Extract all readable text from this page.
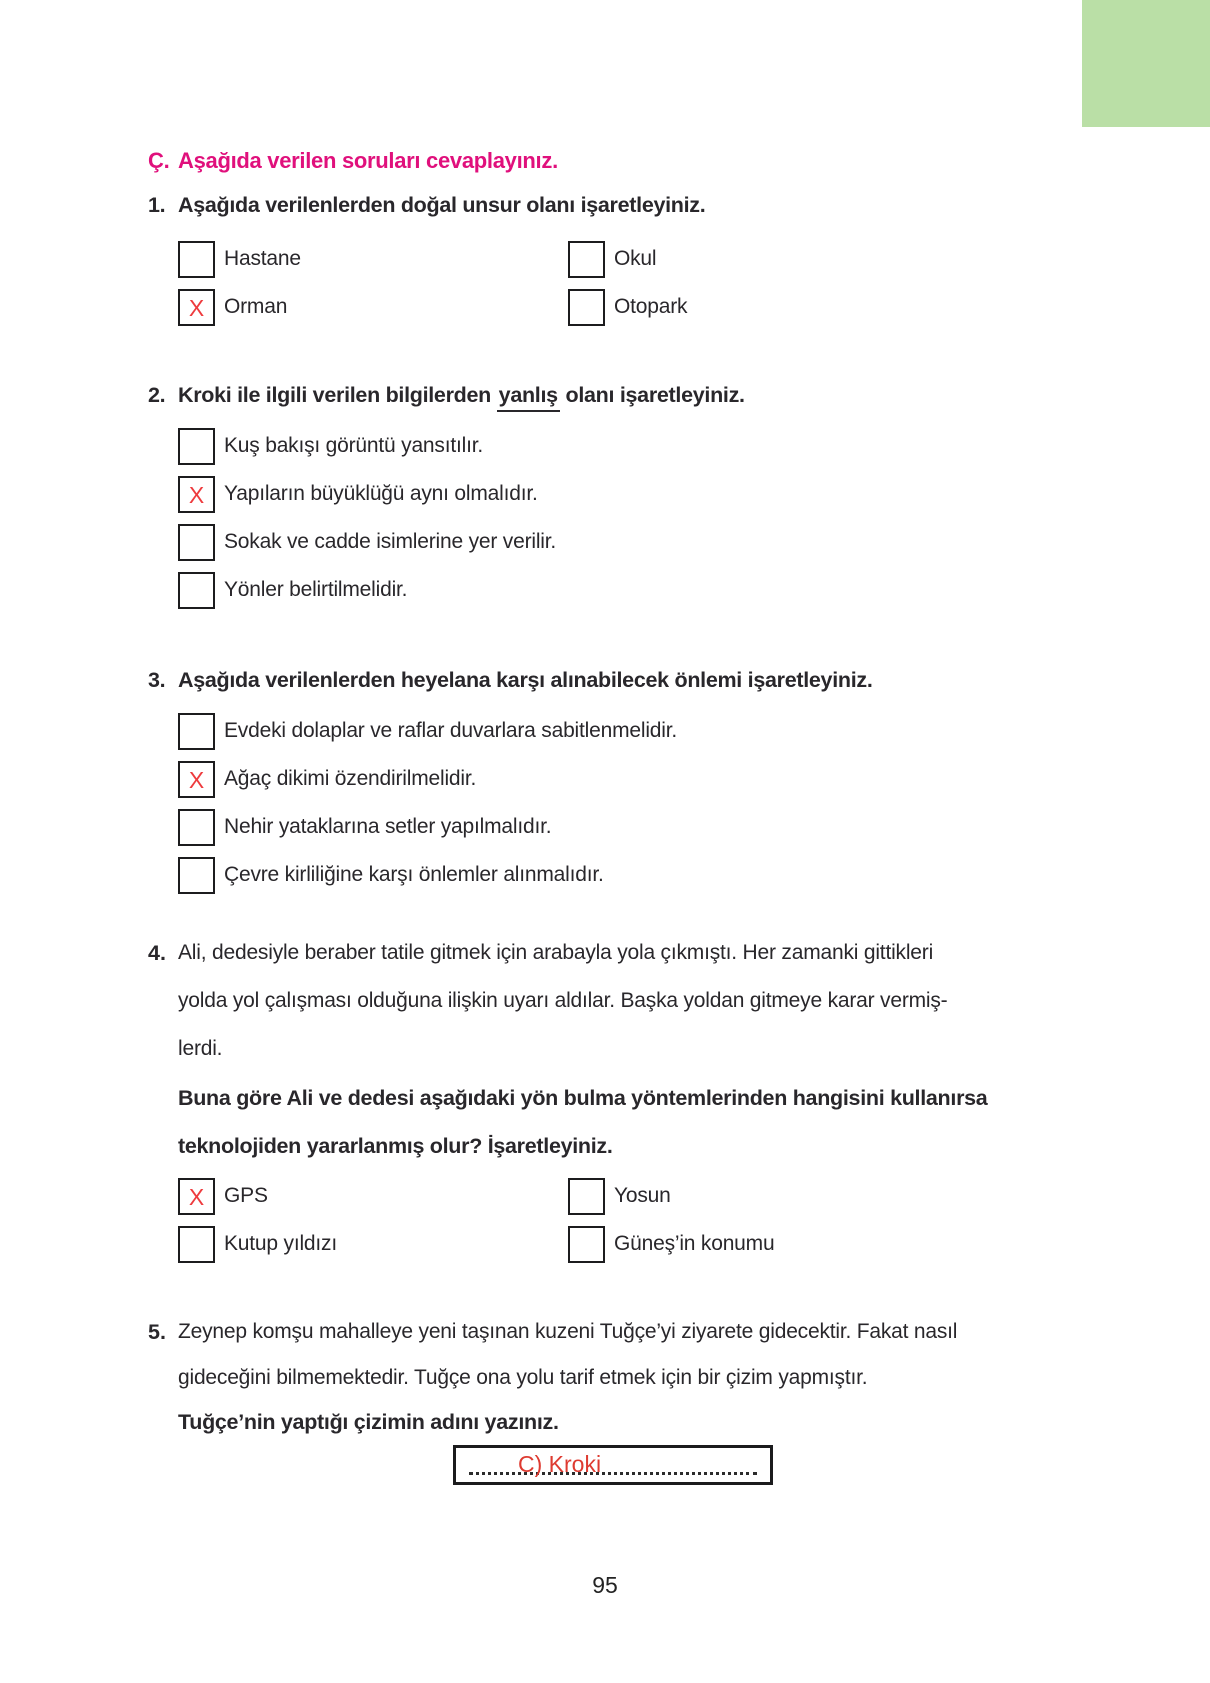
Ç. Aşağıda verilen soruları cevaplayınız.
1. Aşağıda verilenlerden doğal unsur olanı işaretleyiniz.
Hastane
X Orman
Okul
Otopark
2. Kroki ile ilgili verilen bilgilerden yanlış olanı işaretleyiniz.
Kuş bakışı görüntü yansıtılır.
X Yapıların büyüklüğü aynı olmalıdır.
Sokak ve cadde isimlerine yer verilir.
Yönler belirtilmelidir.
3. Aşağıda verilenlerden heyelana karşı alınabilecek önlemi işaretleyiniz.
Evdeki dolaplar ve raflar duvarlara sabitlenmelidir.
X Ağaç dikimi özendirilmelidir.
Nehir yataklarına setler yapılmalıdır.
Çevre kirliliğine karşı önlemler alınmalıdır.
4. Ali, dedesiyle beraber tatile gitmek için arabayla yola çıkmıştı. Her zamanki gittikleri
yolda yol çalışması olduğuna ilişkin uyarı aldılar. Başka yoldan gitmeye karar vermiş-
lerdi.
Buna göre Ali ve dedesi aşağıdaki yön bulma yöntemlerinden hangisini kullanırsa
teknolojiden yararlanmış olur? İşaretleyiniz.
X GPS
Kutup yıldızı
Yosun
Güneş’in konumu
5. Zeynep komşu mahalleye yeni taşınan kuzeni Tuğçe’yi ziyarete gidecektir. Fakat nasıl
gideceğini bilmemektedir. Tuğçe ona yolu tarif etmek için bir çizim yapmıştır.
Tuğçe’nin yaptığı çizimin adını yazınız.
C) Kroki
95
